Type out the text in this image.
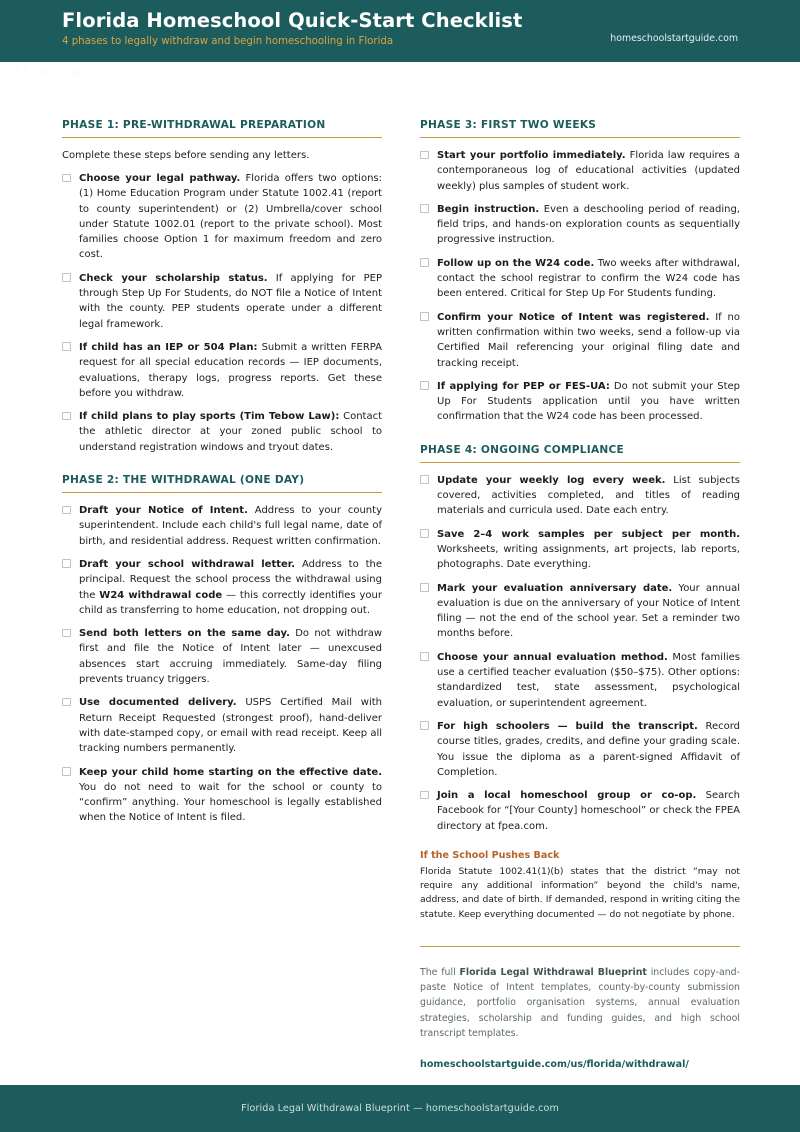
Florida Homeschool Quick-Start Checklist
4 phases to legally withdraw and begin homeschooling in Florida	homeschoolstartguide.com
FLORIDA
PHASE 1: PRE-WITHDRAWAL PREPARATION
Complete these steps before sending any letters.
Choose your legal pathway. Florida offers two options: (1) Home Education Program under Statute 1002.41 (report to county superintendent) or (2) Umbrella/cover school under Statute 1002.01 (report to the private school). Most families choose Option 1 for maximum freedom and zero cost.
Check your scholarship status. If applying for PEP through Step Up For Students, do NOT file a Notice of Intent with the county. PEP students operate under a different legal framework.
If child has an IEP or 504 Plan: Submit a written FERPA request for all special education records — IEP documents, evaluations, therapy logs, progress reports. Get these before you withdraw.
If child plans to play sports (Tim Tebow Law): Contact the athletic director at your zoned public school to understand registration windows and tryout dates.
PHASE 2: THE WITHDRAWAL (ONE DAY)
Draft your Notice of Intent. Address to your county superintendent. Include each child's full legal name, date of birth, and residential address. Request written confirmation.
Draft your school withdrawal letter. Address to the principal. Request the school process the withdrawal using the W24 withdrawal code — this correctly identifies your child as transferring to home education, not dropping out.
Send both letters on the same day. Do not withdraw first and file the Notice of Intent later — unexcused absences start accruing immediately. Same-day filing prevents truancy triggers.
Use documented delivery. USPS Certified Mail with Return Receipt Requested (strongest proof), hand-deliver with date-stamped copy, or email with read receipt. Keep all tracking numbers permanently.
Keep your child home starting on the effective date. You do not need to wait for the school or county to “confirm” anything. Your homeschool is legally established when the Notice of Intent is filed.
PHASE 3: FIRST TWO WEEKS
Start your portfolio immediately. Florida law requires a contemporaneous log of educational activities (updated weekly) plus samples of student work.
Begin instruction. Even a deschooling period of reading, field trips, and hands-on exploration counts as sequentially progressive instruction.
Follow up on the W24 code. Two weeks after withdrawal, contact the school registrar to confirm the W24 code has been entered. Critical for Step Up For Students funding.
Confirm your Notice of Intent was registered. If no written confirmation within two weeks, send a follow-up via Certified Mail referencing your original filing date and tracking receipt.
If applying for PEP or FES-UA: Do not submit your Step Up For Students application until you have written confirmation that the W24 code has been processed.
PHASE 4: ONGOING COMPLIANCE
Update your weekly log every week. List subjects covered, activities completed, and titles of reading materials and curricula used. Date each entry.
Save 2–4 work samples per subject per month. Worksheets, writing assignments, art projects, lab reports, photographs. Date everything.
Mark your evaluation anniversary date. Your annual evaluation is due on the anniversary of your Notice of Intent filing — not the end of the school year. Set a reminder two months before.
Choose your annual evaluation method. Most families use a certified teacher evaluation ($50–$75). Other options: standardized test, state assessment, psychological evaluation, or superintendent agreement.
For high schoolers — build the transcript. Record course titles, grades, credits, and define your grading scale. You issue the diploma as a parent-signed Affidavit of Completion.
Join a local homeschool group or co-op. Search Facebook for “[Your County] homeschool” or check the FPEA directory at fpea.com.
If the School Pushes Back
Florida Statute 1002.41(1)(b) states that the district “may not require any additional information” beyond the child's name, address, and date of birth. If demanded, respond in writing citing the statute. Keep everything documented — do not negotiate by phone.
The full Florida Legal Withdrawal Blueprint includes copy-and-paste Notice of Intent templates, county-by-county submission guidance, portfolio organisation systems, annual evaluation strategies, scholarship and funding guides, and high school transcript templates.
homeschoolstartguide.com/us/florida/withdrawal/
Florida Legal Withdrawal Blueprint — homeschoolstartguide.com
